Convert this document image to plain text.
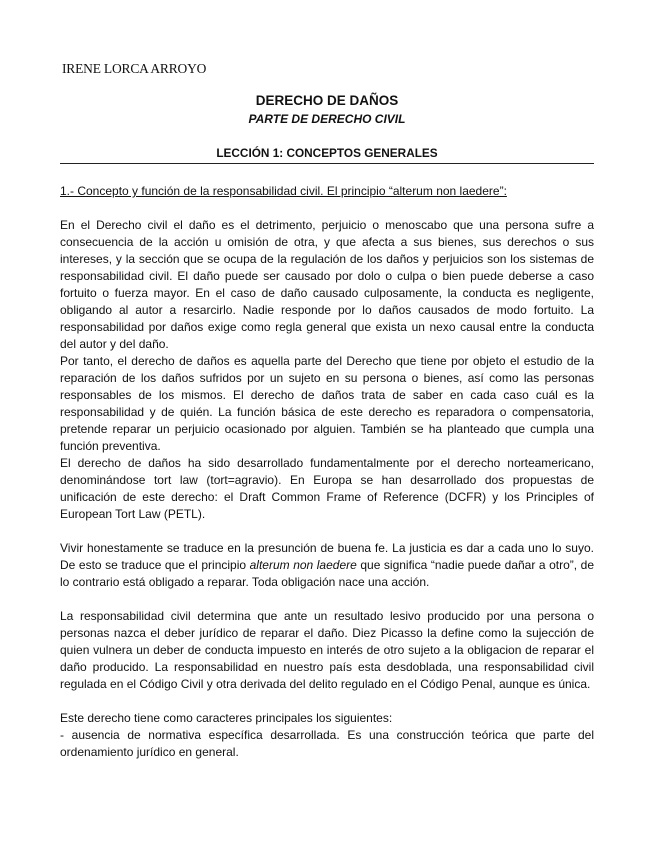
IRENE LORCA ARROYO
DERECHO DE DAÑOS
PARTE DE DERECHO CIVIL
LECCIÓN 1: CONCEPTOS GENERALES

1.- Concepto y función de la responsabilidad civil. El principio “alterum non laedere”:

En el Derecho civil el daño es el detrimento, perjuicio o menoscabo que una persona sufre a consecuencia de la acción u omisión de otra, y que afecta a sus bienes, sus derechos o sus intereses, y la sección que se ocupa de la regulación de los daños y perjuicios son los sistemas de responsabilidad civil. El daño puede ser causado por dolo o culpa o bien puede deberse a caso fortuito o fuerza mayor. En el caso de daño causado culposamente, la conducta es negligente, obligando al autor a resarcirlo. Nadie responde por lo daños causados de modo fortuito. La responsabilidad por daños exige como regla general que exista un nexo causal entre la conducta del autor y del daño.

Por tanto, el derecho de daños es aquella parte del Derecho que tiene por objeto el estudio de la reparación de los daños sufridos por un sujeto en su persona o bienes, así como las personas responsables de los mismos. El derecho de daños trata de saber en cada caso cuál es la responsabilidad y de quién. La función básica de este derecho es reparadora o compensatoria, pretende reparar un perjuicio ocasionado por alguien. También se ha planteado que cumpla una función preventiva.

El derecho de daños ha sido desarrollado fundamentalmente por el derecho norteamericano, denominándose tort law (tort=agravio). En Europa se han desarrollado dos propuestas de unificación de este derecho: el Draft Common Frame of Reference (DCFR) y los Principles of European Tort Law (PETL).

Vivir honestamente se traduce en la presunción de buena fe. La justicia es dar a cada uno lo suyo. De esto se traduce que el principio alterum non laedere que significa “nadie puede dañar a otro”, de lo contrario está obligado a reparar. Toda obligación nace una acción.

La responsabilidad civil determina que ante un resultado lesivo producido por una persona o personas nazca el deber jurídico de reparar el daño. Diez Picasso la define como la sujección de quien vulnera un deber de conducta impuesto en interés de otro sujeto a la obligacion de reparar el daño producido. La responsabilidad en nuestro país esta desdoblada, una responsabilidad civil regulada en el Código Civil y otra derivada del delito regulado en el Código Penal, aunque es única.

Este derecho tiene como caracteres principales los siguientes:

- ausencia de normativa específica desarrollada. Es una construcción teórica que parte del ordenamiento jurídico en general.
